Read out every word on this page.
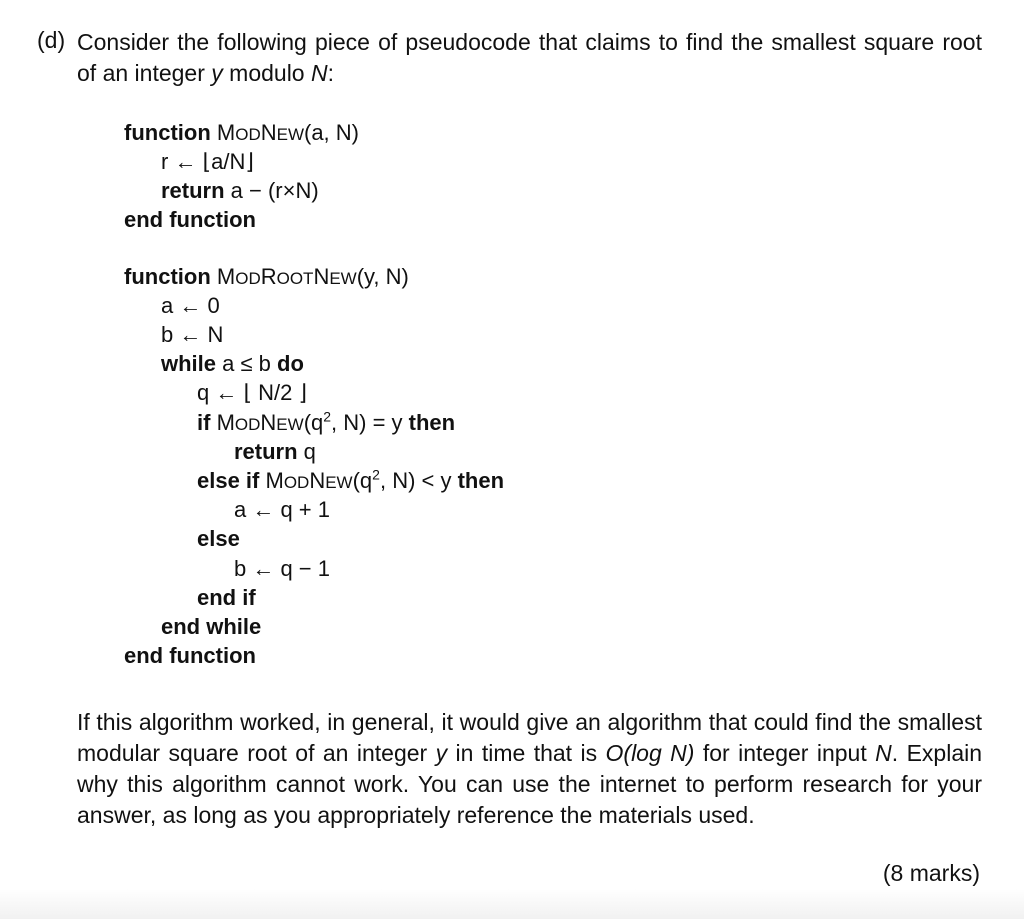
(d) Consider the following piece of pseudocode that claims to find the smallest square root of an integer y modulo N:
function MODNEW(a, N)
r ← ⌊a/N⌋
return a − (r×N)
end function
function MODROOTNEW(y, N)
a ← 0
b ← N
while a ≤ b do
q ← ⌊ N/2 ⌋
if $MODNEW(q^2$, N) = y then
return q
else if $MODNEW(q^2$, N) < y then
a ← q + 1
else
b ← q − 1
end if
end while
end function
If this algorithm worked, in general, it would give an algorithm that could find the smallest modular square root of an integer y in time that is O(log N) for integer input N. Explain why this algorithm cannot work. You can use the internet to perform research for your answer, as long as you appropriately reference the materials used.
(8 marks)
